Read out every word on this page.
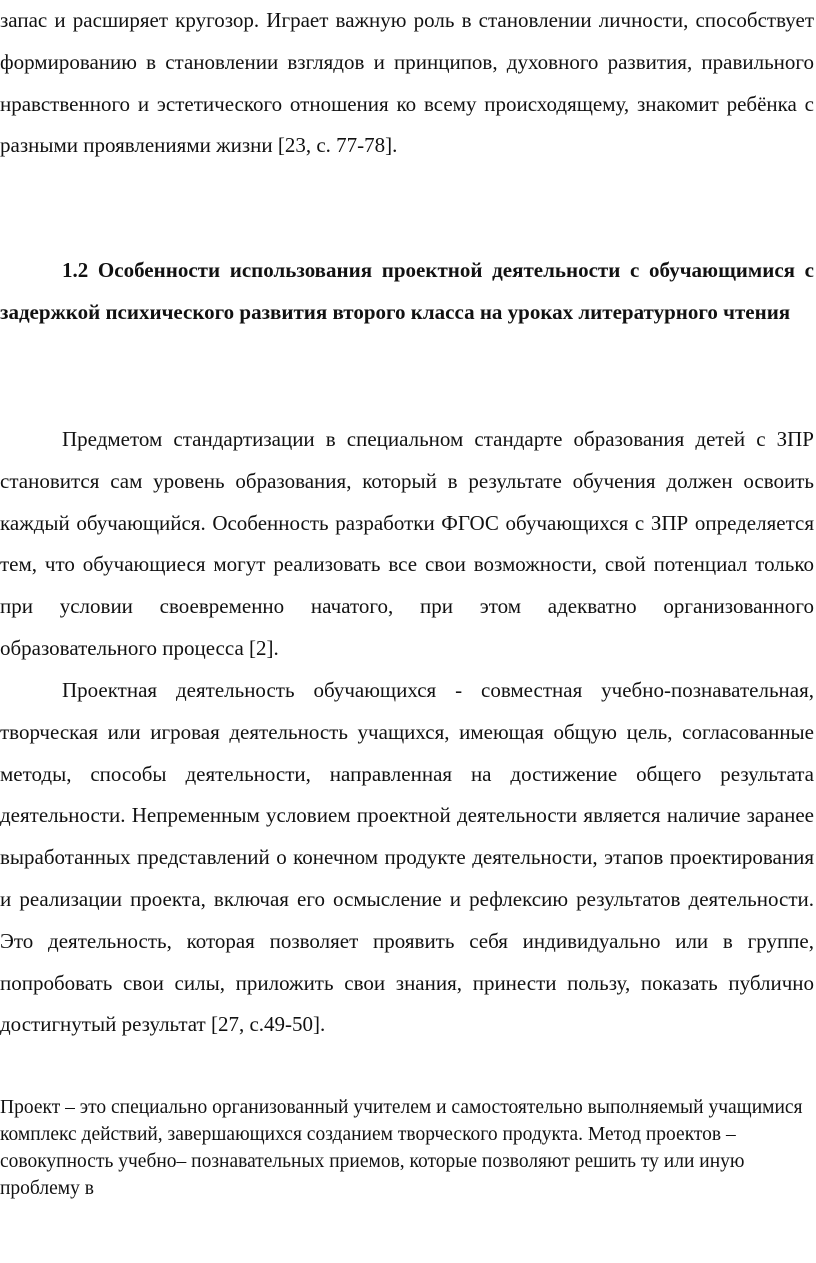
запас и расширяет кругозор. Играет важную роль в становлении личности, способствует формированию в становлении взглядов и принципов, духовного развития, правильного нравственного и эстетического отношения ко всему происходящему, знакомит ребёнка с разными проявлениями жизни [23, с. 77-78].

1.2 Особенности использования проектной деятельности с обучающимися с задержкой психического развития второго класса на уроках литературного чтения

Предметом стандартизации в специальном стандарте образования детей с ЗПР становится сам уровень образования, который в результате обучения должен освоить каждый обучающийся. Особенность разработки ФГОС обучающихся с ЗПР определяется тем, что обучающиеся могут реализовать все свои возможности, свой потенциал только при условии своевременно начатого, при этом адекватно организованного образовательного процесса [2].

Проектная деятельность обучающихся - совместная учебно-познавательная, творческая или игровая деятельность учащихся, имеющая общую цель, согласованные методы, способы деятельности, направленная на достижение общего результата деятельности. Непременным условием проектной деятельности является наличие заранее выработанных представлений о конечном продукте деятельности, этапов проектирования и реализации проекта, включая его осмысление и рефлексию результатов деятельности. Это деятельность, которая позволяет проявить себя индивидуально или в группе, попробовать свои силы, приложить свои знания, принести пользу, показать публично достигнутый результат [27, с.49-50].

Проект – это специально организованный учителем и самостоятельно выполняемый учащимися комплекс действий, завершающихся созданием творческого продукта. Метод проектов – совокупность учебно– познавательных приемов, которые позволяют решить ту или иную проблему в
